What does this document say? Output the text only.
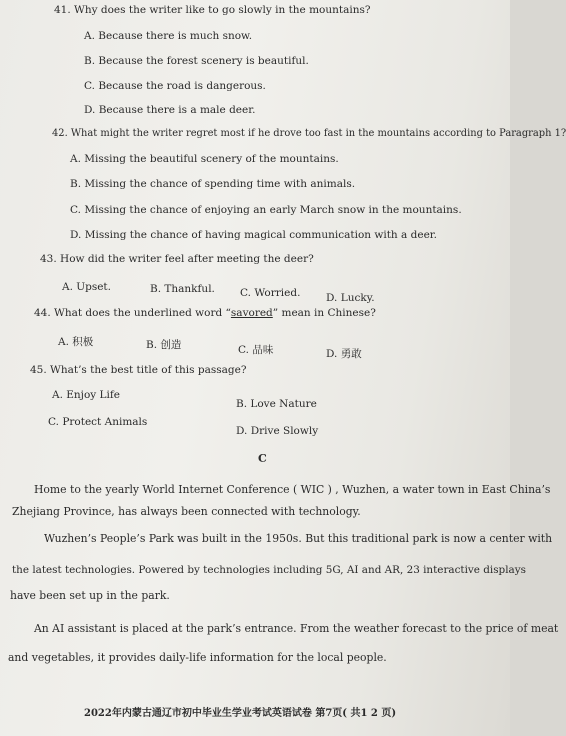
41. Why does the writer like to go slowly in the mountains?
A. Because there is much snow.
B. Because the forest scenery is beautiful.
C. Because the road is dangerous.
D. Because there is a male deer.
42. What might the writer regret most if he drove too fast in the mountains according to Paragraph 1?
A. Missing the beautiful scenery of the mountains.
B. Missing the chance of spending time with animals.
C. Missing the chance of enjoying an early March snow in the mountains.
D. Missing the chance of having magical communication with a deer.
43. How did the writer feel after meeting the deer?
A. Upset.	B. Thankful. C. Worried. D. Lucky.
44. What does the underlined word “savored” mean in Chinese?
A. 积极	B. 创造	C. 品味	D. 勇敢
45. What’s the best title of this passage?
A. Enjoy Life
B. Love Nature
C. Protect Animals
D. Drive Slowly
C
Home to the yearly World Internet Conference ( WIC ) , Wuzhen, a water town in East China’s
Zhejiang Province, has always been connected with technology.
Wuzhen’s People’s Park was built in the 1950s. But this traditional park is now a center with
the latest technologies. Powered by technologies including 5G, AI and AR, 23 interactive displays
have been set up in the park.
An AI assistant is placed at the park’s entrance. From the weather forecast to the price of meat
and vegetables, it provides daily-life information for the local people.
2022年内蒙古通辽市初中毕业生学业考试英语试卷 第7页( 共1 2 页)
